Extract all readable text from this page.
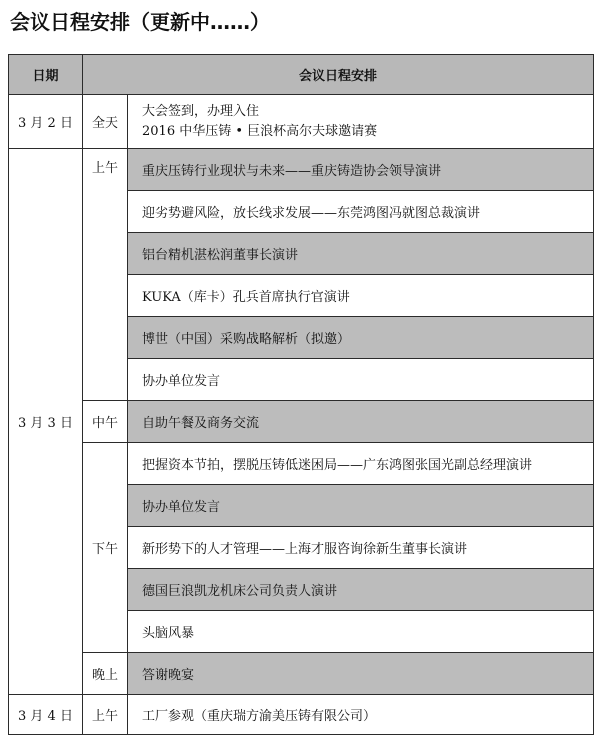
会议日程安排（更新中……）
日期	会议日程安排	
3 月 2 日	全天	大会签到，办理入住
2016 中华压铸 • 巨浪杯高尔夫球邀请赛

3 月 3 日	上午	重庆压铸行业现状与未来——重庆铸造协会领导演讲
		迎劣势避风险，放长线求发展——东莞鸿图冯就图总裁演讲
		铝台精机湛松润董事长演讲
		KUKA（库卡）孔兵首席执行官演讲
		博世（中国）采购战略解析（拟邀）
		协办单位发言
	中午	自助午餐及商务交流
	下午	把握资本节拍，摆脱压铸低迷困局——广东鸿图张国光副总经理演讲
		协办单位发言
		新形势下的人才管理——上海才服咨询徐新生董事长演讲
		德国巨浪凯龙机床公司负责人演讲
		头脑风暴
	晚上	答谢晚宴
3 月 4 日	上午	工厂参观（重庆瑞方渝美压铸有限公司）
